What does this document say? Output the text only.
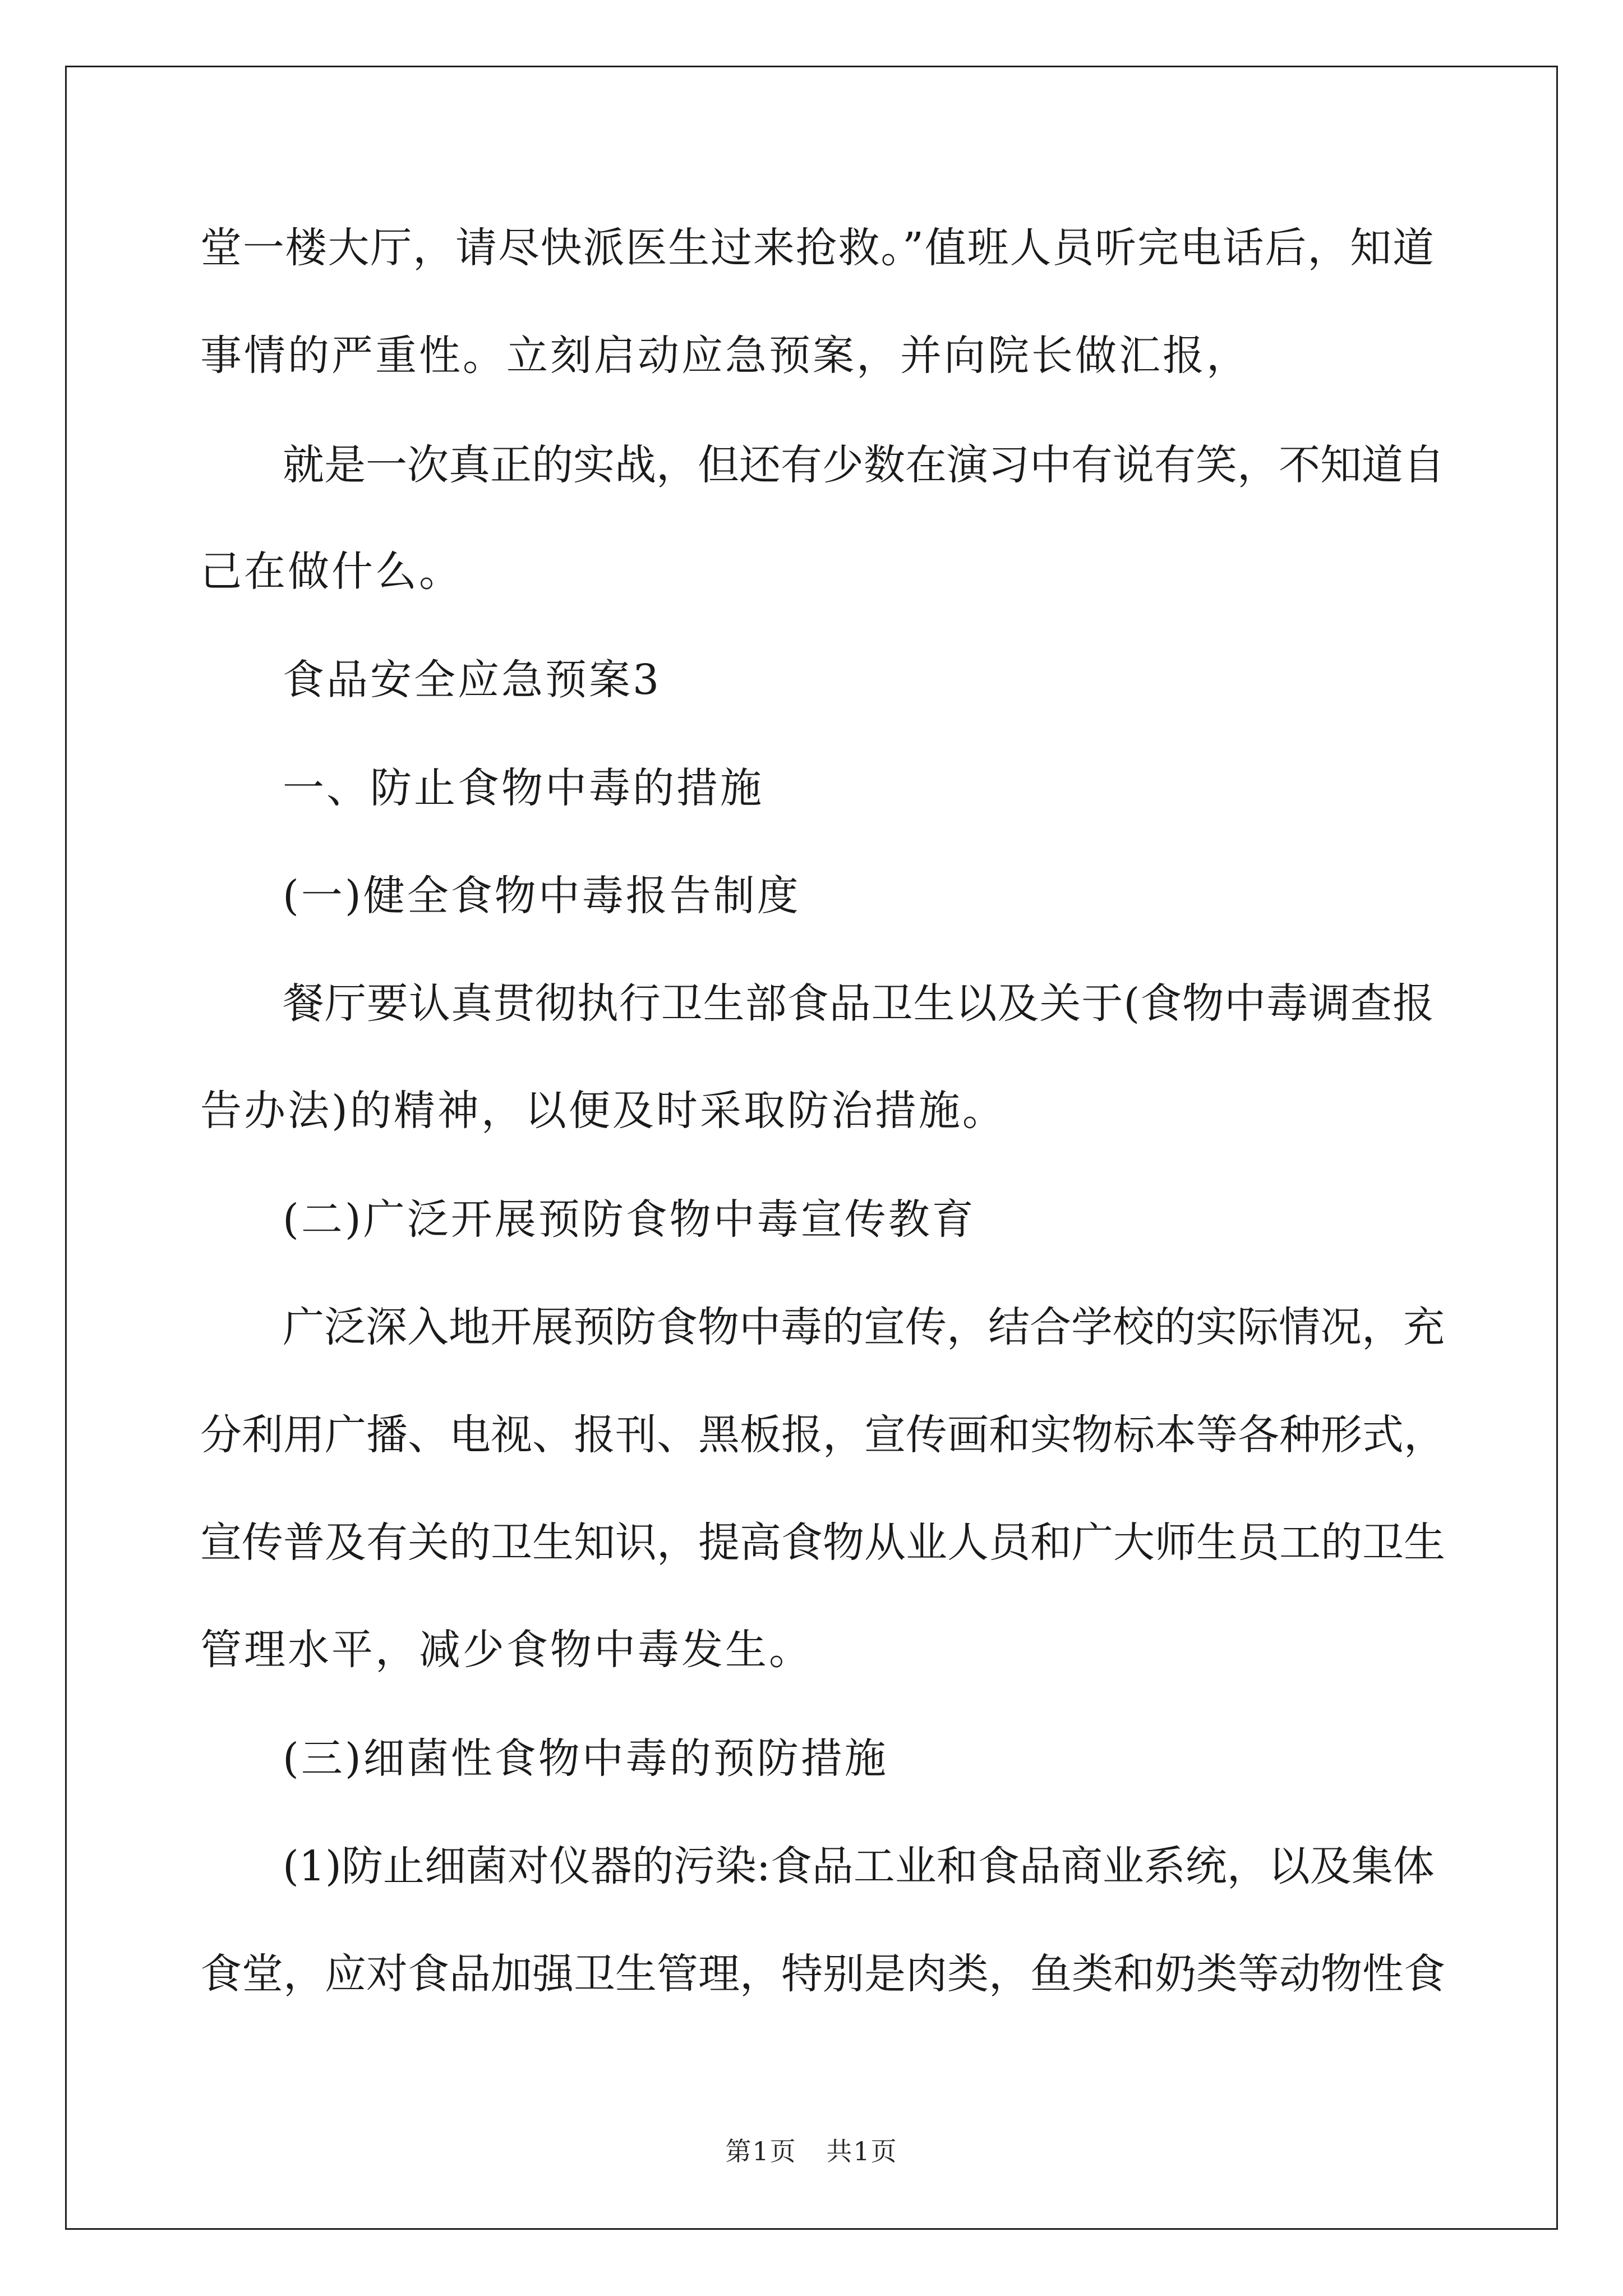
堂一楼大厅，请尽快派医生过来抢救。”值班人员听完电话后，知道
事情的严重性。立刻启动应急预案，并向院长做汇报，
就是一次真正的实战，但还有少数在演习中有说有笑，不知道自
己在做什么。
食品安全应急预案3
一、防止食物中毒的措施
(一)健全食物中毒报告制度
餐厅要认真贯彻执行卫生部食品卫生以及关于(食物中毒调查报
告办法)的精神，以便及时采取防治措施。
(二)广泛开展预防食物中毒宣传教育
广泛深入地开展预防食物中毒的宣传，结合学校的实际情况，充
分利用广播、电视、报刊、黑板报，宣传画和实物标本等各种形式，
宣传普及有关的卫生知识，提高食物从业人员和广大师生员工的卫生
管理水平，减少食物中毒发生。
(三)细菌性食物中毒的预防措施
(1)防止细菌对仪器的污染:食品工业和食品商业系统，以及集体
食堂，应对食品加强卫生管理，特别是肉类，鱼类和奶类等动物性食
第1页 共1页
